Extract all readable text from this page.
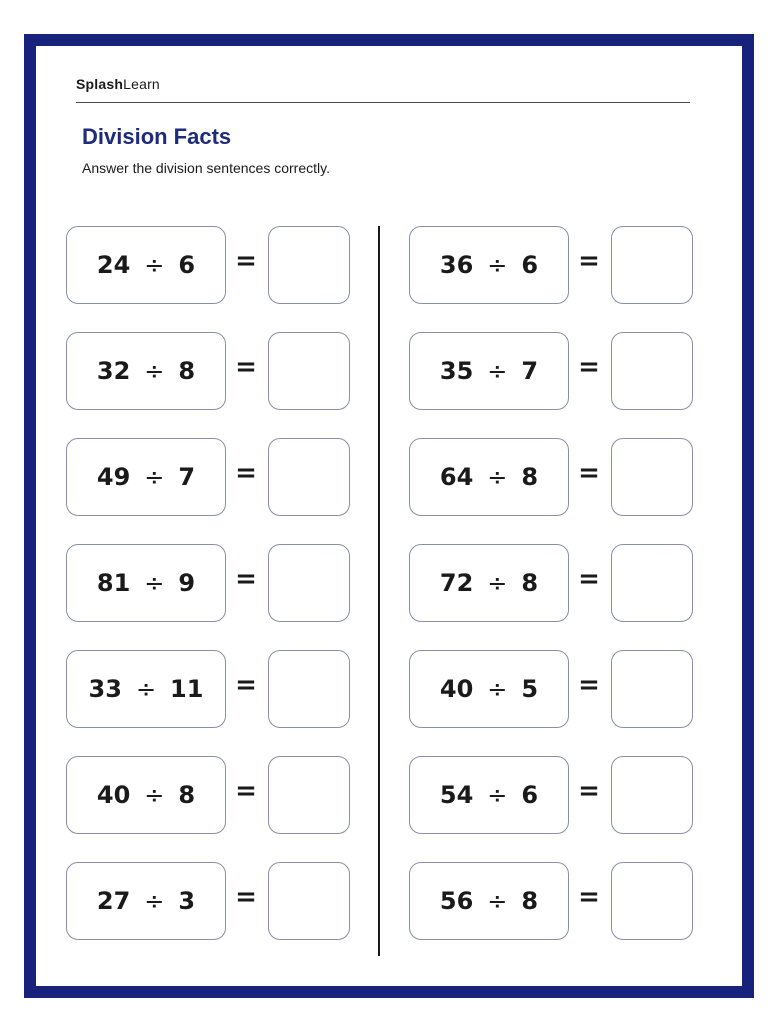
SplashLearn
Division Facts

Answer the division sentences correctly.

24 ÷ 6 =
32 ÷ 8 =
49 ÷ 7 =
81 ÷ 9 =
33 ÷ 11 =
40 ÷ 8 =
27 ÷ 3 =
36 ÷ 6 =
35 ÷ 7 =
64 ÷ 8 =
72 ÷ 8 =
40 ÷ 5 =
54 ÷ 6 =
56 ÷ 8 =
